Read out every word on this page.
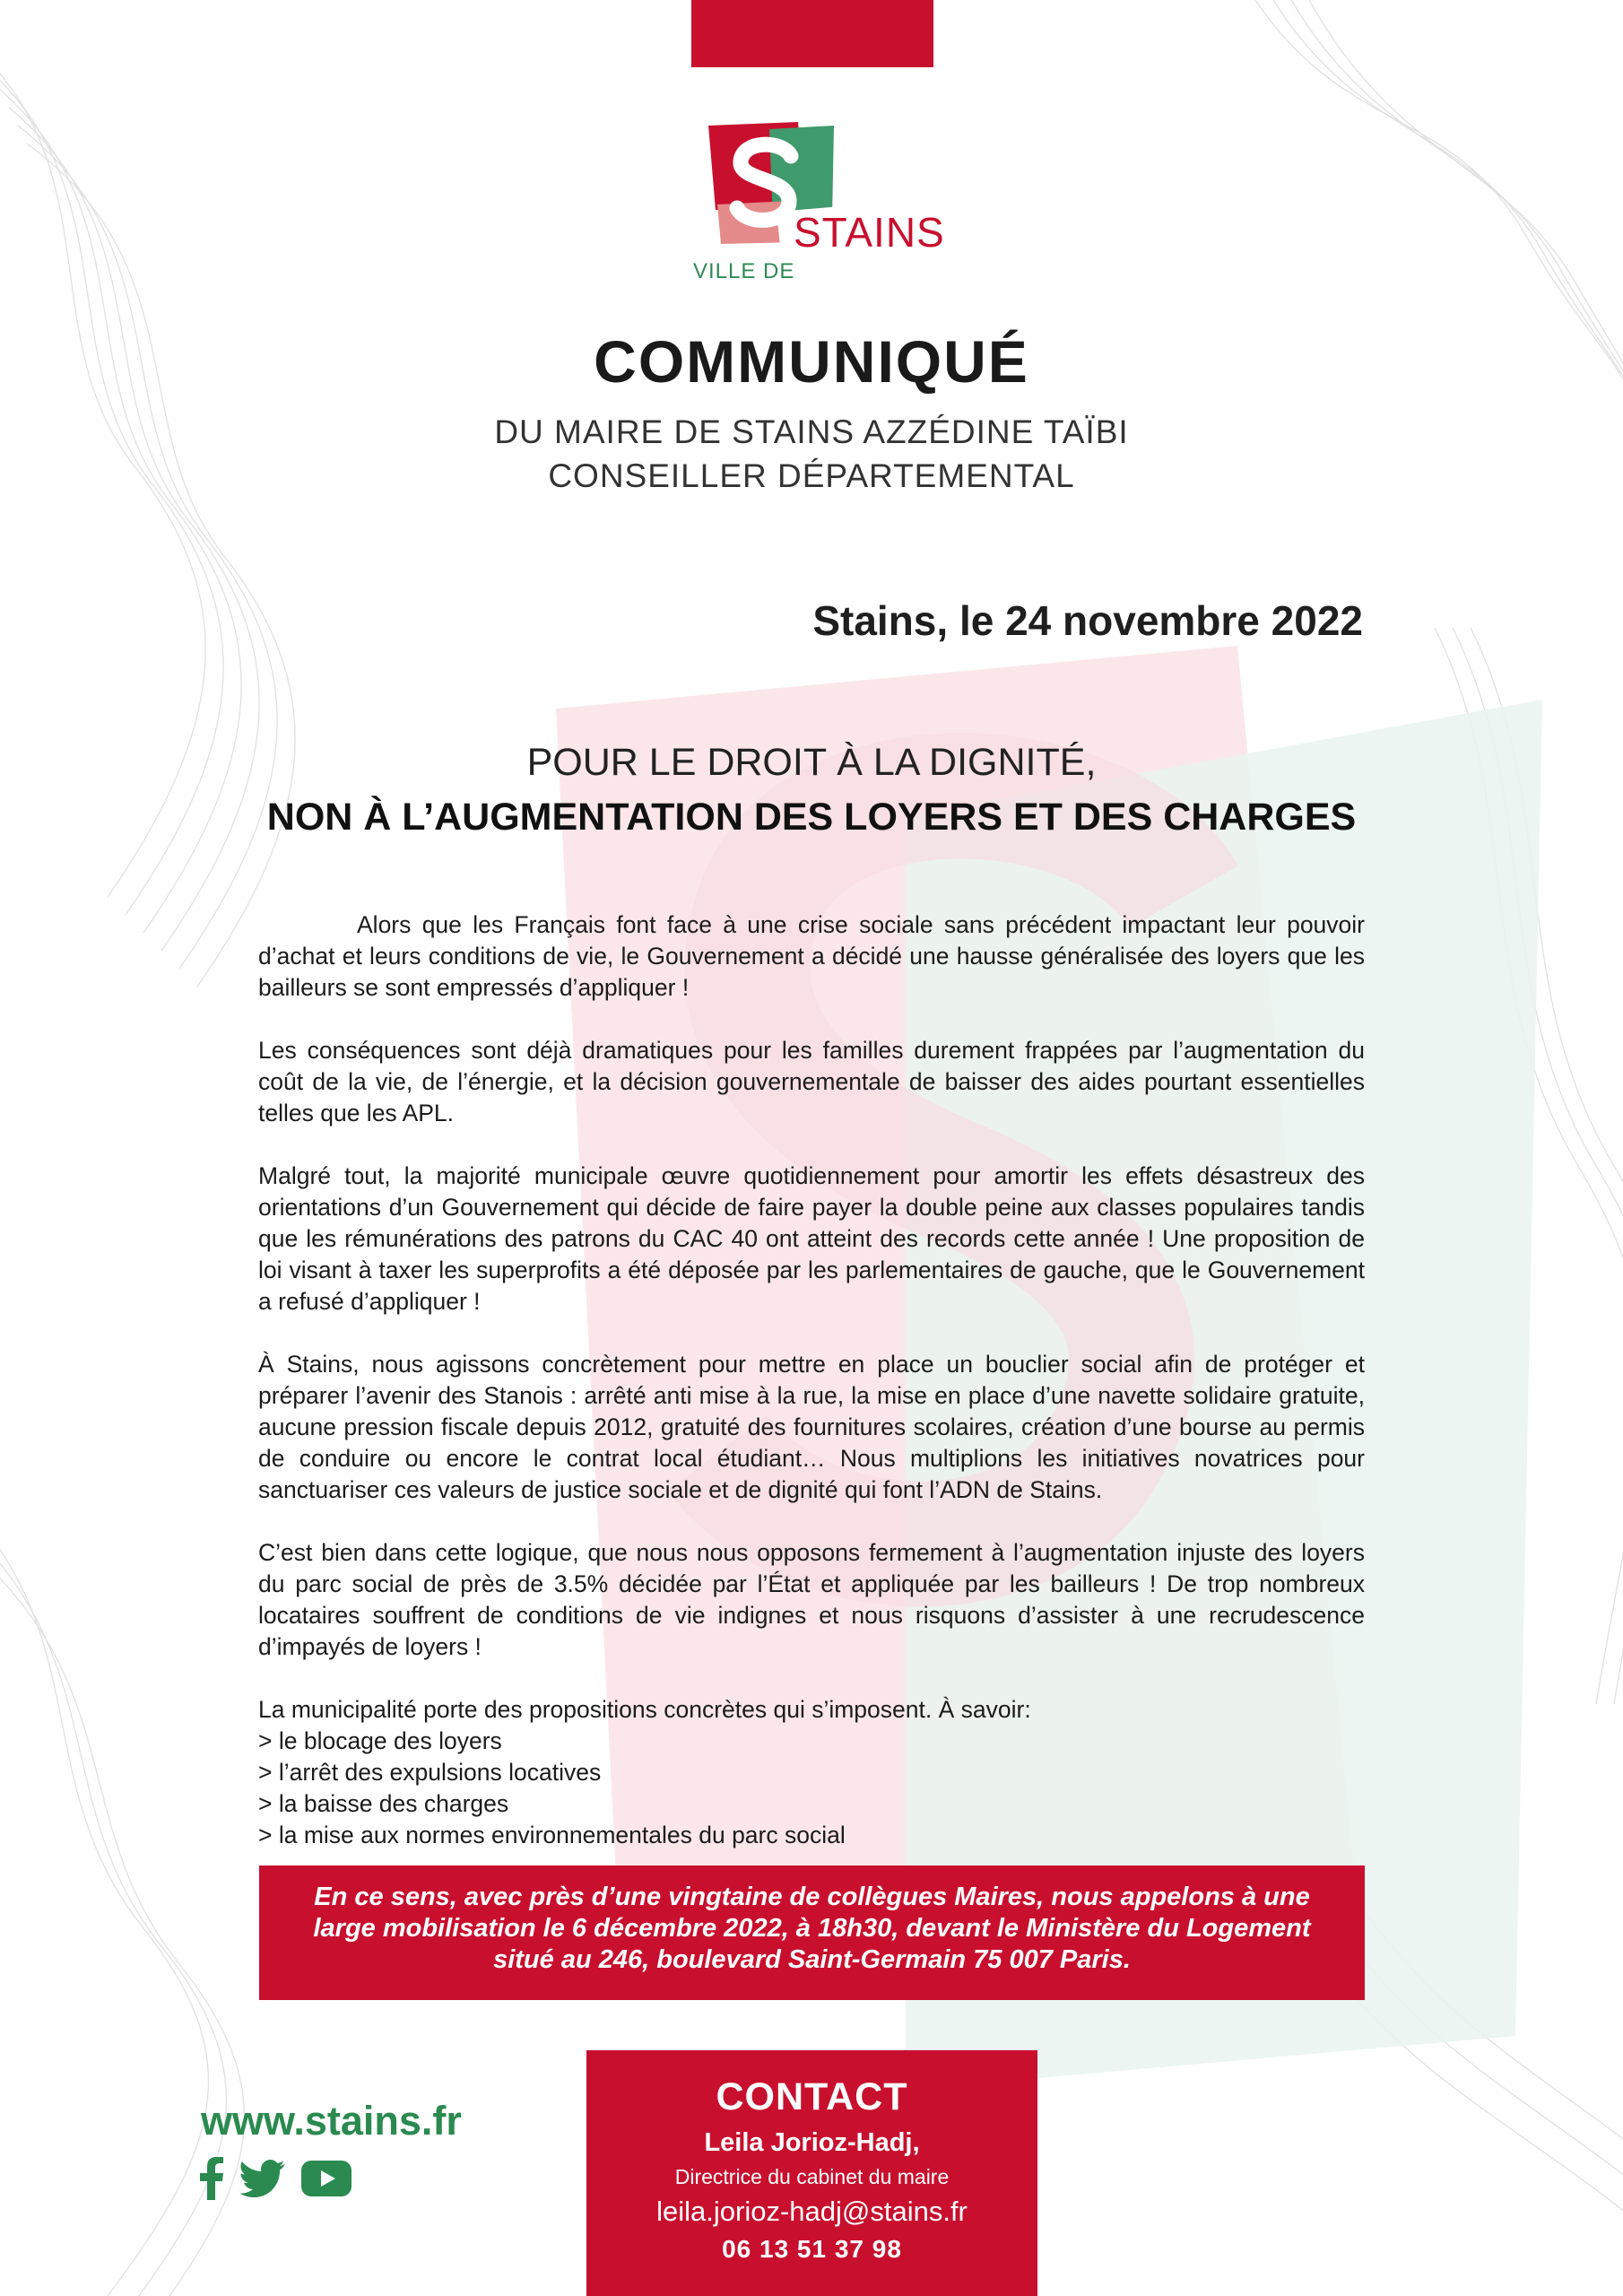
STAINS
VILLE DE
COMMUNIQUÉ
DU MAIRE DE STAINS AZZÉDINE TAÏBI
CONSEILLER DÉPARTEMENTAL
Stains, le 24 novembre 2022
POUR LE DROIT À LA DIGNITÉ,
NON À L’AUGMENTATION DES LOYERS ET DES CHARGES

Alors que les Français font face à une crise sociale sans précédent impactant leur pouvoir d’achat et leurs conditions de vie, le Gouvernement a décidé une hausse généralisée des loyers que les bailleurs se sont empressés d’appliquer !

Les conséquences sont déjà dramatiques pour les familles durement frappées par l’augmentation du coût de la vie, de l’énergie, et la décision gouvernementale de baisser des aides pourtant essentielles telles que les APL.

Malgré tout, la majorité municipale œuvre quotidiennement pour amortir les effets désastreux des orientations d’un Gouvernement qui décide de faire payer la double peine aux classes populaires tandis que les rémunérations des patrons du CAC 40 ont atteint des records cette année ! Une proposition de loi visant à taxer les superprofits a été déposée par les parlementaires de gauche, que le Gouvernement a refusé d’appliquer !

À Stains, nous agissons concrètement pour mettre en place un bouclier social afin de protéger et préparer l’avenir des Stanois : arrêté anti mise à la rue, la mise en place d’une navette solidaire gratuite, aucune pression fiscale depuis 2012, gratuité des fournitures scolaires, création d’une bourse au permis de conduire ou encore le contrat local étudiant… Nous multiplions les initiatives novatrices pour sanctuariser ces valeurs de justice sociale et de dignité qui font l’ADN de Stains.

C’est bien dans cette logique, que nous nous opposons fermement à l’augmentation injuste des loyers du parc social de près de 3.5% décidée par l’État et appliquée par les bailleurs ! De trop nombreux locataires souffrent de conditions de vie indignes et nous risquons d’assister à une recrudescence d’impayés de loyers !

La municipalité porte des propositions concrètes qui s’imposent. À savoir:
> le blocage des loyers
> l’arrêt des expulsions locatives
> la baisse des charges
> la mise aux normes environnementales du parc social
En ce sens, avec près d’une vingtaine de collègues Maires, nous appelons à une
large mobilisation le 6 décembre 2022, à 18h30, devant le Ministère du Logement
situé au 246, boulevard Saint-Germain 75 007 Paris.
www.stains.fr
CONTACT
Leila Jorioz-Hadj,
Directrice du cabinet du maire
leila.jorioz-hadj@stains.fr
06 13 51 37 98
